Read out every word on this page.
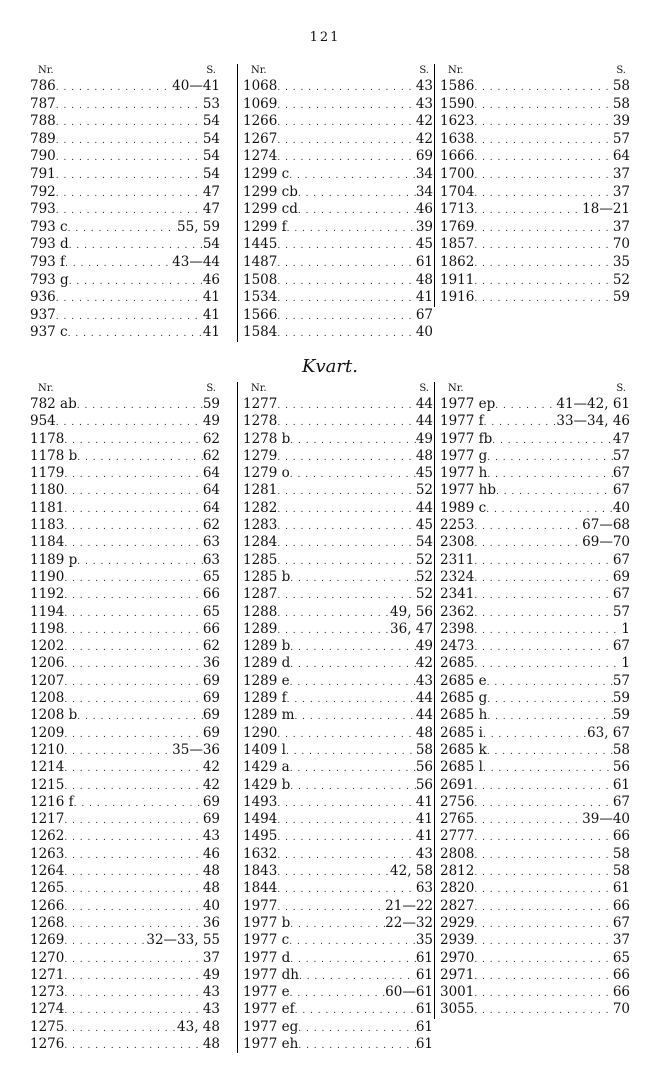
121
Nr.	S.
786 . . .	40—41
787 . . .	53
788 . . .	54
789 . . .	54
790 . . .	54
791 . . .	54
792 . . .	47
793 . . .	47
793 c . . .	55, 59
793 d . . .	54
793 f . . .	43—44
793 g . . .	46
936 . . .	41
937 . . .	41
937 c . . .	41
Nr.	S.
1068 . . .	43
1069 . . .	43
1266 . . .	42
1267 . . .	42
1274 . . .	69
1299 c . . .	34
1299 cb . . .	34
1299 cd . . .	46
1299 f . . .	39
1445 . . .	45
1487 . . .	61
1508 . . .	48
1534 . . .	41
1566 . . .	67
1584 . . .	40
Nr.	S.
1586 . . .	58
1590 . . .	58
1623 . . .	39
1638 . . .	57
1666 . . .	64
1700 . . .	37
1704 . . .	37
1713 . . .	18—21
1769 . . .	37
1857 . . .	70
1862 . . .	35
1911 . . .	52
1916 . . .	59
Kvart.
Nr.	S.
782 ab . . .	59
954 . . .	49
1178 . . .	62
1178 b . . .	62
1179 . . .	64
1180 . . .	64
1181 . . .	64
1183 . . .	62
1184 . . .	63
1189 p . . .	63
1190 . . .	65
1192 . . .	66
1194 . . .	65
1198 . . .	66
1202 . . .	62
1206 . . .	36
1207 . . .	69
1208 . . .	69
1208 b . . .	69
1209 . . .	69
1210 . . .	35—36
1214 . . .	42
1215 . . .	42
1216 f . . .	69
1217 . . .	69
1262 . . .	43
1263 . . .	46
1264 . . .	48
1265 . . .	48
1266 . . .	40
1268 . . .	36
1269 . . .	32—33, 55
1270 . . .	37
1271 . . .	49
1273 . . .	43
1274 . . .	43
1275 . . .	43, 48
1276 . . .	48
Nr.	S.
1277 . . .	44
1278 . . .	44
1278 b . . .	49
1279 . . .	48
1279 o . . .	45
1281 . . .	52
1282 . . .	44
1283 . . .	45
1284 . . .	54
1285 . . .	52
1285 b . . .	52
1287 . . .	52
1288 . . .	49, 56
1289 . . .	36, 47
1289 b . . .	49
1289 d . . .	42
1289 e . . .	43
1289 f . . .	44
1289 m . . .	44
1290 . . .	48
1409 l . . .	58
1429 a . . .	56
1429 b . . .	56
1493 . . .	41
1494 . . .	41
1495 . . .	41
1632 . . .	43
1843 . . .	42, 58
1844 . . .	63
1977 . . .	21—22
1977 b . . .	22—32
1977 c . . .	35
1977 d . . .	61
1977 dh . . .	61
1977 e . . .	60—61
1977 ef . . .	61
1977 eg . . .	61
1977 eh . . .	61
Nr.	S.
1977 ep . . .	41—42, 61
1977 f . . .	33—34, 46
1977 fb . . .	47
1977 g . . .	57
1977 h . . .	67
1977 hb . . .	67
1989 c . . .	40
2253 . . .	67—68
2308 . . .	69—70
2311 . . .	67
2324 . . .	69
2341 . . .	67
2362 . . .	57
2398 . . .	1
2473 . . .	67
2685 . . .	1
2685 e . . .	57
2685 g . . .	59
2685 h . . .	59
2685 i . . .	63, 67
2685 k . . .	58
2685 l . . .	56
2691 . . .	61
2756 . . .	67
2765 . . .	39—40
2777 . . .	66
2808 . . .	58
2812 . . .	58
2820 . . .	61
2827 . . .	66
2929 . . .	67
2939 . . .	37
2970 . . .	65
2971 . . .	66
3001 . . .	66
3055 . . .	70
